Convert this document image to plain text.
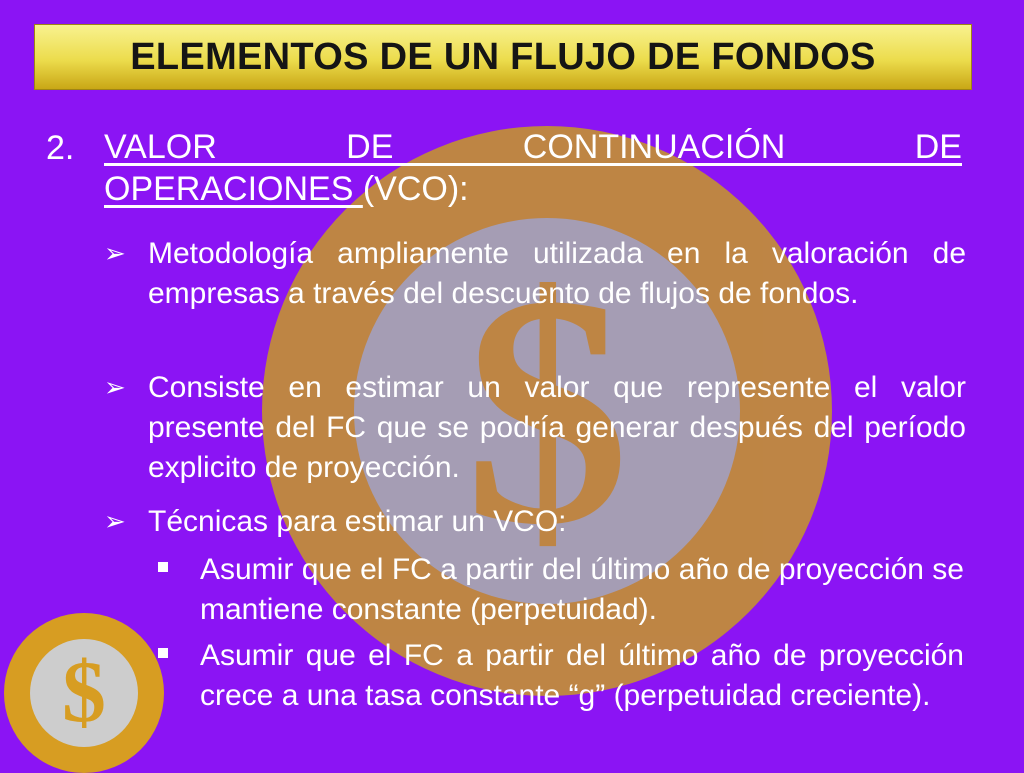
$
$
ELEMENTOS DE UN FLUJO DE FONDOS
2. VALOR DE CONTINUACIÓN DE
OPERACIONES (VCO):
➢ Metodología ampliamente utilizada en la valoración de empresas a través del descuento de flujos de fondos.
➢ Consiste en estimar un valor que represente el valor presente del FC que se podría generar después del período explicito de proyección.
➢ Técnicas para estimar un VCO:
Asumir que el FC a partir del último año de proyección se mantiene constante (perpetuidad).
Asumir que el FC a partir del último año de proyección crece a una tasa constante “g” (perpetuidad creciente).
